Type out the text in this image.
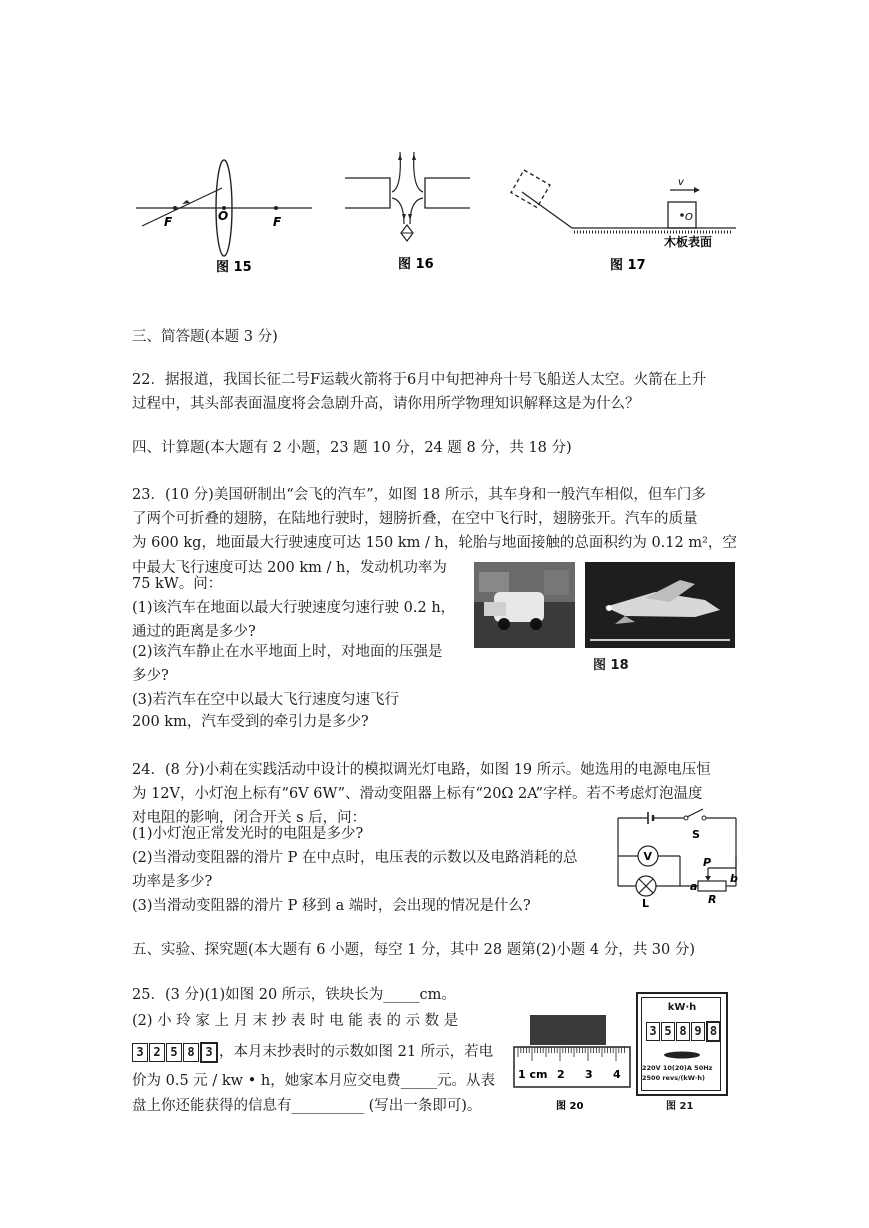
F	O	F
图 15	图 16
O
v
木板表面
图 17
三、简答题(本题 3 分)
22．据报道，我国长征二号F运载火箭将于6月中旬把神舟十号飞船送人太空。火箭在上升
过程中，其头部表面温度将会急剧升高，请你用所学物理知识解释这是为什么？
四、计算题(本大题有 2 小题，23 题 10 分，24 题 8 分，共 18 分)
23．(10 分)美国研制出“会飞的汽车”，如图 18 所示，其车身和一般汽车相似，但车门多
了两个可折叠的翅膀，在陆地行驶时，翅膀折叠，在空中飞行时，翅膀张开。汽车的质量
为 600 kg，地面最大行驶速度可达 150 km / h，轮胎与地面接触的总面积约为 0.12 m²，空
中最大飞行速度可达 200 km / h，发动机功率为
75 kW。问：
(1)该汽车在地面以最大行驶速度匀速行驶 0.2 h，
通过的距离是多少?
(2)该汽车静止在水平地面上时，对地面的压强是
多少?
(3)若汽车在空中以最大飞行速度匀速飞行
200 km，汽车受到的牵引力是多少?
图 18
24．(8 分)小莉在实践活动中设计的模拟调光灯电路，如图 19 所示。她选用的电源电压恒
为 12V，小灯泡上标有“6V 6W”、滑动变阻器上标有“20Ω 2A”字样。若不考虑灯泡温度
对电阻的影响，闭合开关 s 后，问：
(1)小灯泡正常发光时的电阻是多少?
(2)当滑动变阻器的滑片 P 在中点时，电压表的示数以及电路消耗的总
功率是多少?
(3)当滑动变阻器的滑片 P 移到 a 端时，会出现的情况是什么?
S
V	P
a
b
R
L
五、实验、探究题(本大题有 6 小题，每空 1 分，其中 28 题第(2)小题 4 分，共 30 分)
25．(3 分)(1)如图 20 所示，铁块长为_____cm。
(2) 小 玲 家 上 月 末 抄 表 时 电 能 表 的 示 数 是
3 2 5 8 3 ，本月末抄表时的示数如图 21 所示，若电
价为 0.5 元 / kw • h，她家本月应交电费_____元。从表
盘上你还能获得的信息有__________ (写出一条即可)。
1 cm 2 3 4
图 20
kW·h
3 5 8 9 8
220V 10(20)A 50Hz
2500 revs/(kW·h)
图 21
